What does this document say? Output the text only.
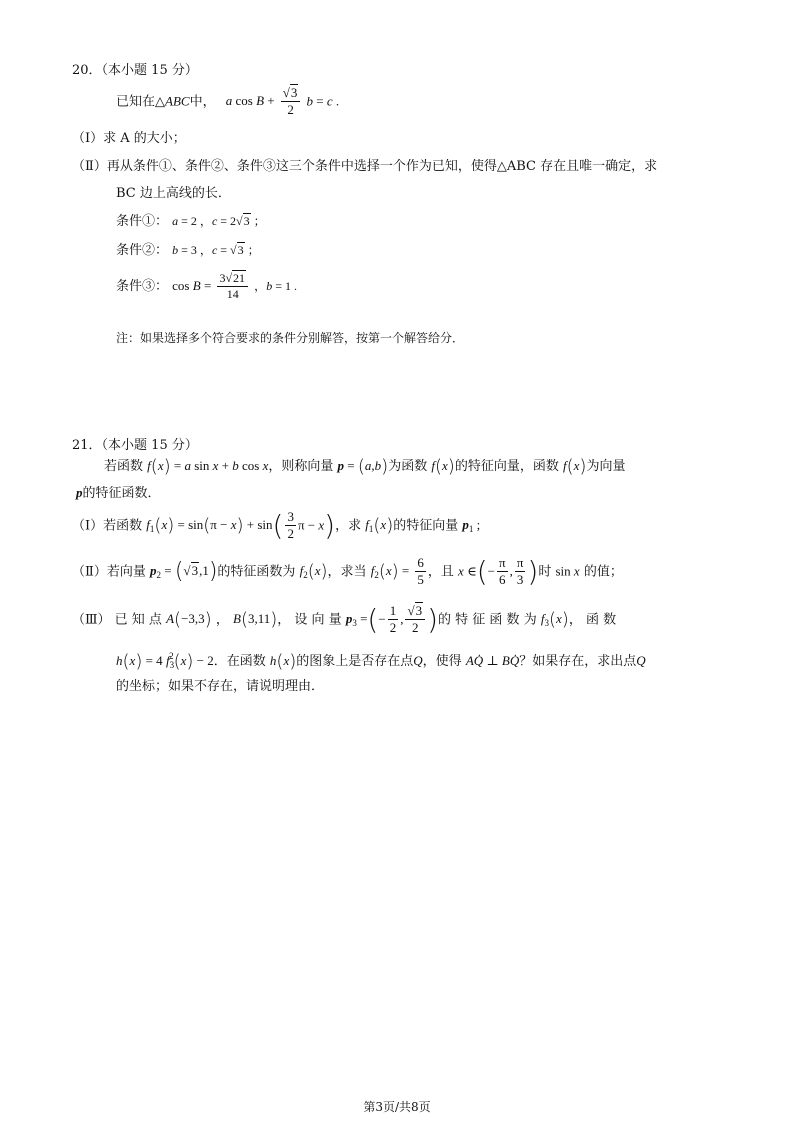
20．（本小题 15 分）
已知在△ABC中， a $\cos B + \frac{√3}{2}$ b = c .
（Ⅰ）求 A 的大小；
（Ⅱ）再从条件①、条件②、条件③这三个条件中选择一个作为已知，使得△ABC 存在且唯一确定，求
BC 边上高线的长．
条件①： a = 2 ，c = 2√3 ；
条件②： b = 3 ，c = √3 ；
条件③： $\cos B = \frac{3√21}{14}$ ，b = 1 .
注：如果选择多个符合要求的条件分别解答，按第一个解答给分．
21．（本小题 15 分）
若函数 f(x) = a sin x + b cos x，则称向量 p = (a,b)为函数 f(x)的特征向量，函数 f(x)为向量
p的特征函数．
（Ⅰ）若函数 $f_1(x) = \sin(\pi - x) + \sin( \frac{3}{2}$ π − x)，求 $f_1(x)$的特征向量 $p_1$ ;
（Ⅱ）若向量 $p_2 = (√3,1)$的特征函数为 $f_2(x)$，求当 $f_2(x) = \frac{6}{5}$ ，且 x ∈(− $\frac{\pi}{6}$ , $\frac{\pi}{3}$ )时 sin x 的值；
（Ⅲ） 已 知 点 A(−3,3) ， B(3,11)， 设 向 量 $p_3$ =(− $\frac{1}{2}$ , $\frac{√3}{2}$ )的 特 征 函 数 为 $f_3(x)$， 函 数
h(x) = 4 $f_3^2(x) - 2$．在函数 h(x)的图象上是否存在点Q，使得 AQ̇ ⊥ BQ̇？如果存在，求出点Q
的坐标；如果不存在，请说明理由．
第3页/共8页
